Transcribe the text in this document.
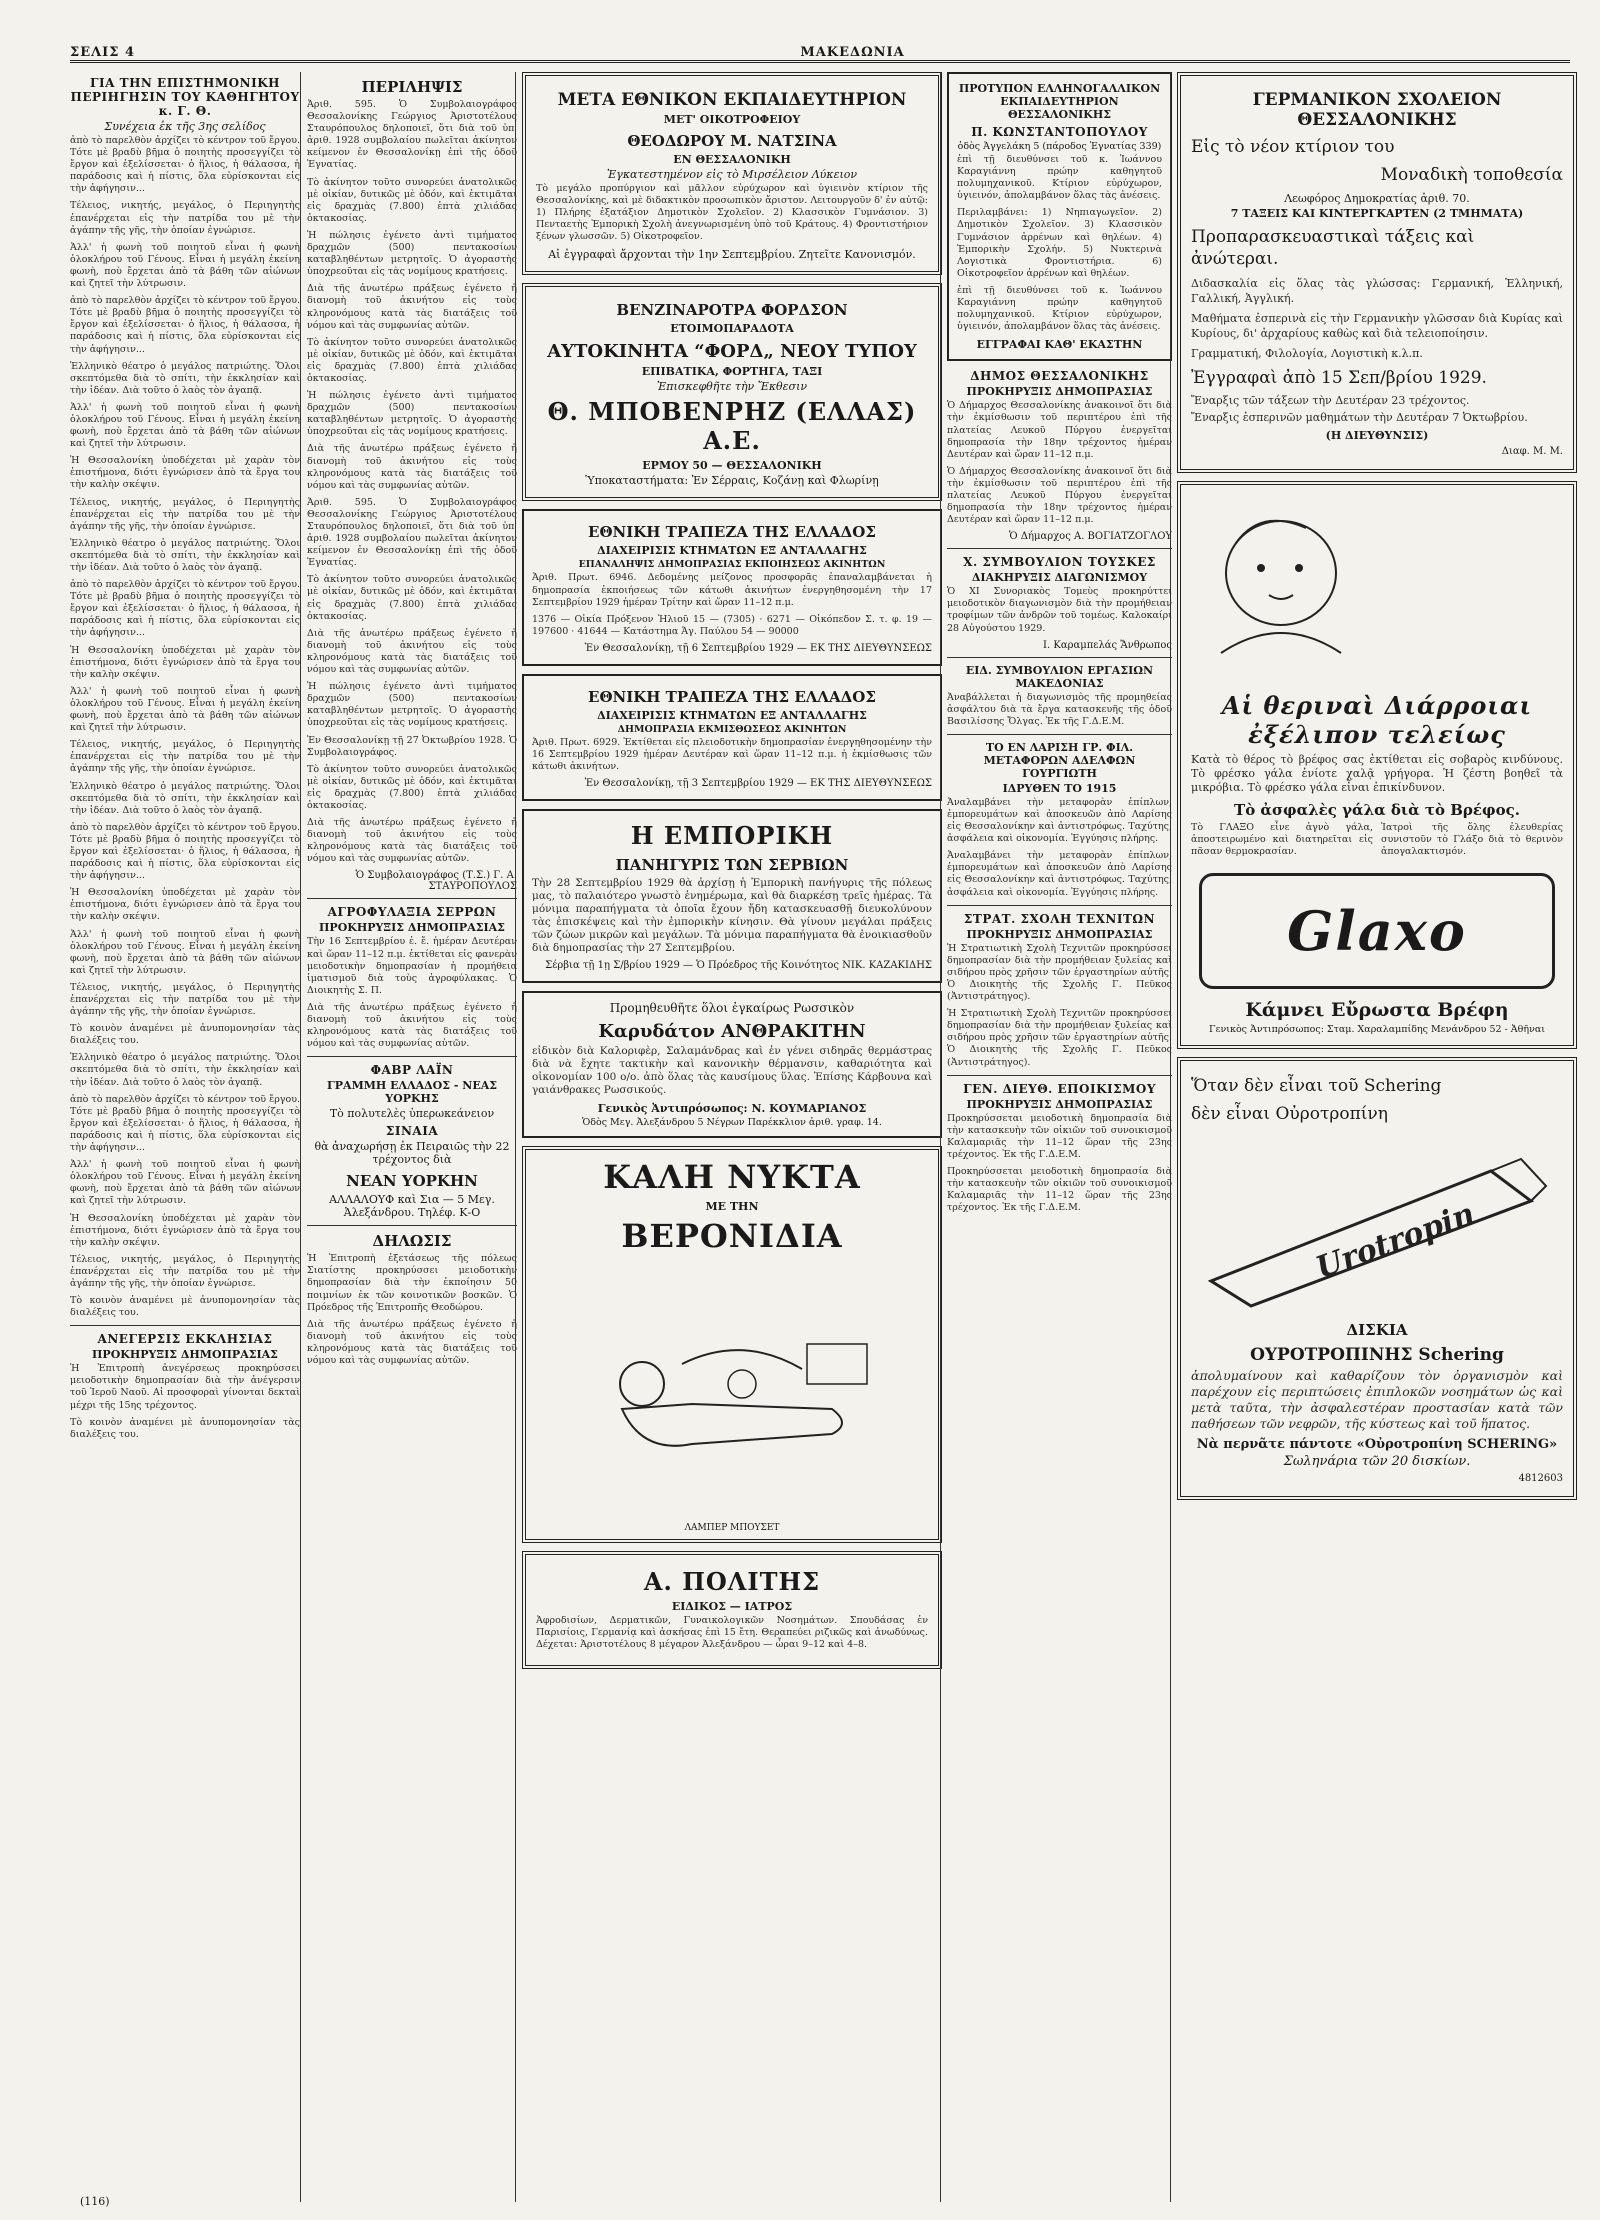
ΣΕΛΙΣ 4	ΜΑΚΕΔΩΝΙΑ
ΓΙΑ ΤΗΝ ΕΠΙΣΤΗΜΟΝΙΚΗ ΠΕΡΙΗΓΗΣΙΝ ΤΟΥ ΚΑΘΗΓΗΤΟΥ κ. Γ. Θ.
Συνέχεια ἐκ τῆς 3ης σελίδος

ἀπὸ τὸ παρελθὸν ἀρχίζει τὸ κέντρον τοῦ ἔργου. Τότε μὲ βραδὺ βῆμα ὁ ποιητὴς προσεγγίζει τὸ ἔργον καὶ ἐξελίσσεται· ὁ ἥλιος, ἡ θάλασσα, ἡ παράδοσις καὶ ἡ πίστις, ὅλα εὑρίσκονται εἰς τὴν ἀφήγησιν...

Τέλειος, νικητής, μεγάλος, ὁ Περιηγητὴς ἐπανέρχεται εἰς τὴν πατρίδα του μὲ τὴν ἀγάπην τῆς γῆς, τὴν ὁποίαν ἐγνώρισε.

Ἀλλ' ἡ φωνὴ τοῦ ποιητοῦ εἶναι ἡ φωνὴ ὁλοκλήρου τοῦ Γένους. Εἶναι ἡ μεγάλη ἐκείνη φωνὴ, ποὺ ἔρχεται ἀπὸ τὰ βάθη τῶν αἰώνων καὶ ζητεῖ τὴν λύτρωσιν.

ἀπὸ τὸ παρελθὸν ἀρχίζει τὸ κέντρον τοῦ ἔργου. Τότε μὲ βραδὺ βῆμα ὁ ποιητὴς προσεγγίζει τὸ ἔργον καὶ ἐξελίσσεται· ὁ ἥλιος, ἡ θάλασσα, ἡ παράδοσις καὶ ἡ πίστις, ὅλα εὑρίσκονται εἰς τὴν ἀφήγησιν...

Ἐλληνικὸ θέατρο ὁ μεγάλος πατριώτης. Ὅλοι σκεπτόμεθα διὰ τὸ σπίτι, τὴν ἐκκλησίαν καὶ τὴν ἰδέαν. Διὰ τοῦτο ὁ λαὸς τὸν ἀγαπᾷ.

Ἀλλ' ἡ φωνὴ τοῦ ποιητοῦ εἶναι ἡ φωνὴ ὁλοκλήρου τοῦ Γένους. Εἶναι ἡ μεγάλη ἐκείνη φωνὴ, ποὺ ἔρχεται ἀπὸ τὰ βάθη τῶν αἰώνων καὶ ζητεῖ τὴν λύτρωσιν.

Ἡ Θεσσαλονίκη ὑποδέχεται μὲ χαρὰν τὸν ἐπιστήμονα, διότι ἐγνώρισεν ἀπὸ τὰ ἔργα του τὴν καλὴν σκέψιν.

Τέλειος, νικητής, μεγάλος, ὁ Περιηγητὴς ἐπανέρχεται εἰς τὴν πατρίδα του μὲ τὴν ἀγάπην τῆς γῆς, τὴν ὁποίαν ἐγνώρισε.

Ἐλληνικὸ θέατρο ὁ μεγάλος πατριώτης. Ὅλοι σκεπτόμεθα διὰ τὸ σπίτι, τὴν ἐκκλησίαν καὶ τὴν ἰδέαν. Διὰ τοῦτο ὁ λαὸς τὸν ἀγαπᾷ.

ἀπὸ τὸ παρελθὸν ἀρχίζει τὸ κέντρον τοῦ ἔργου. Τότε μὲ βραδὺ βῆμα ὁ ποιητὴς προσεγγίζει τὸ ἔργον καὶ ἐξελίσσεται· ὁ ἥλιος, ἡ θάλασσα, ἡ παράδοσις καὶ ἡ πίστις, ὅλα εὑρίσκονται εἰς τὴν ἀφήγησιν...

Ἡ Θεσσαλονίκη ὑποδέχεται μὲ χαρὰν τὸν ἐπιστήμονα, διότι ἐγνώρισεν ἀπὸ τὰ ἔργα του τὴν καλὴν σκέψιν.

Ἀλλ' ἡ φωνὴ τοῦ ποιητοῦ εἶναι ἡ φωνὴ ὁλοκλήρου τοῦ Γένους. Εἶναι ἡ μεγάλη ἐκείνη φωνὴ, ποὺ ἔρχεται ἀπὸ τὰ βάθη τῶν αἰώνων καὶ ζητεῖ τὴν λύτρωσιν.

Τέλειος, νικητής, μεγάλος, ὁ Περιηγητὴς ἐπανέρχεται εἰς τὴν πατρίδα του μὲ τὴν ἀγάπην τῆς γῆς, τὴν ὁποίαν ἐγνώρισε.

Ἐλληνικὸ θέατρο ὁ μεγάλος πατριώτης. Ὅλοι σκεπτόμεθα διὰ τὸ σπίτι, τὴν ἐκκλησίαν καὶ τὴν ἰδέαν. Διὰ τοῦτο ὁ λαὸς τὸν ἀγαπᾷ.

ἀπὸ τὸ παρελθὸν ἀρχίζει τὸ κέντρον τοῦ ἔργου. Τότε μὲ βραδὺ βῆμα ὁ ποιητὴς προσεγγίζει τὸ ἔργον καὶ ἐξελίσσεται· ὁ ἥλιος, ἡ θάλασσα, ἡ παράδοσις καὶ ἡ πίστις, ὅλα εὑρίσκονται εἰς τὴν ἀφήγησιν...

Ἡ Θεσσαλονίκη ὑποδέχεται μὲ χαρὰν τὸν ἐπιστήμονα, διότι ἐγνώρισεν ἀπὸ τὰ ἔργα του τὴν καλὴν σκέψιν.

Ἀλλ' ἡ φωνὴ τοῦ ποιητοῦ εἶναι ἡ φωνὴ ὁλοκλήρου τοῦ Γένους. Εἶναι ἡ μεγάλη ἐκείνη φωνὴ, ποὺ ἔρχεται ἀπὸ τὰ βάθη τῶν αἰώνων καὶ ζητεῖ τὴν λύτρωσιν.

Τέλειος, νικητής, μεγάλος, ὁ Περιηγητὴς ἐπανέρχεται εἰς τὴν πατρίδα του μὲ τὴν ἀγάπην τῆς γῆς, τὴν ὁποίαν ἐγνώρισε.

Τὸ κοινὸν ἀναμένει μὲ ἀνυπομονησίαν τὰς διαλέξεις του.

Ἐλληνικὸ θέατρο ὁ μεγάλος πατριώτης. Ὅλοι σκεπτόμεθα διὰ τὸ σπίτι, τὴν ἐκκλησίαν καὶ τὴν ἰδέαν. Διὰ τοῦτο ὁ λαὸς τὸν ἀγαπᾷ.

ἀπὸ τὸ παρελθὸν ἀρχίζει τὸ κέντρον τοῦ ἔργου. Τότε μὲ βραδὺ βῆμα ὁ ποιητὴς προσεγγίζει τὸ ἔργον καὶ ἐξελίσσεται· ὁ ἥλιος, ἡ θάλασσα, ἡ παράδοσις καὶ ἡ πίστις, ὅλα εὑρίσκονται εἰς τὴν ἀφήγησιν...

Ἀλλ' ἡ φωνὴ τοῦ ποιητοῦ εἶναι ἡ φωνὴ ὁλοκλήρου τοῦ Γένους. Εἶναι ἡ μεγάλη ἐκείνη φωνὴ, ποὺ ἔρχεται ἀπὸ τὰ βάθη τῶν αἰώνων καὶ ζητεῖ τὴν λύτρωσιν.

Ἡ Θεσσαλονίκη ὑποδέχεται μὲ χαρὰν τὸν ἐπιστήμονα, διότι ἐγνώρισεν ἀπὸ τὰ ἔργα του τὴν καλὴν σκέψιν.

Τέλειος, νικητής, μεγάλος, ὁ Περιηγητὴς ἐπανέρχεται εἰς τὴν πατρίδα του μὲ τὴν ἀγάπην τῆς γῆς, τὴν ὁποίαν ἐγνώρισε.

Τὸ κοινὸν ἀναμένει μὲ ἀνυπομονησίαν τὰς διαλέξεις του.

ΑΝΕΓΕΡΣΙΣ ΕΚΚΛΗΣΙΑΣ
ΠΡΟΚΗΡΥΞΙΣ ΔΗΜΟΠΡΑΣΙΑΣ

Ἡ Ἐπιτροπὴ ἀνεγέρσεως προκηρύσσει μειοδοτικὴν δημοπρασίαν διὰ τὴν ἀνέγερσιν τοῦ Ἱεροῦ Ναοῦ. Αἱ προσφοραὶ γίνονται δεκταὶ μέχρι τῆς 15ης τρέχοντος.

Τὸ κοινὸν ἀναμένει μὲ ἀνυπομονησίαν τὰς διαλέξεις του.

ΠΕΡΙΛΗΨΙΣ

Ἀριθ. 595. Ὁ Συμβολαιογράφος Θεσσαλονίκης Γεώργιος Ἀριστοτέλους Σταυρόπουλος δηλοποιεῖ, ὅτι διὰ τοῦ ὑπ' ἀριθ. 1928 συμβολαίου πωλεῖται ἀκίνητον κείμενον ἐν Θεσσαλονίκῃ ἐπὶ τῆς ὁδοῦ Ἐγνατίας.

Τὸ ἀκίνητον τοῦτο συνορεύει ἀνατολικῶς μὲ οἰκίαν, δυτικῶς μὲ ὁδόν, καὶ ἐκτιμᾶται εἰς δραχμὰς (7.800) ἑπτὰ χιλιάδας ὀκτακοσίας.

Ἡ πώλησις ἐγένετο ἀντὶ τιμήματος δραχμῶν (500) πεντακοσίων καταβληθέντων μετρητοῖς. Ὁ ἀγοραστὴς ὑποχρεοῦται εἰς τὰς νομίμους κρατήσεις.

Διὰ τῆς ἀνωτέρω πράξεως ἐγένετο ἡ διανομὴ τοῦ ἀκινήτου εἰς τοὺς κληρονόμους κατὰ τὰς διατάξεις τοῦ νόμου καὶ τὰς συμφωνίας αὐτῶν.

Τὸ ἀκίνητον τοῦτο συνορεύει ἀνατολικῶς μὲ οἰκίαν, δυτικῶς μὲ ὁδόν, καὶ ἐκτιμᾶται εἰς δραχμὰς (7.800) ἑπτὰ χιλιάδας ὀκτακοσίας.

Ἡ πώλησις ἐγένετο ἀντὶ τιμήματος δραχμῶν (500) πεντακοσίων καταβληθέντων μετρητοῖς. Ὁ ἀγοραστὴς ὑποχρεοῦται εἰς τὰς νομίμους κρατήσεις.

Διὰ τῆς ἀνωτέρω πράξεως ἐγένετο ἡ διανομὴ τοῦ ἀκινήτου εἰς τοὺς κληρονόμους κατὰ τὰς διατάξεις τοῦ νόμου καὶ τὰς συμφωνίας αὐτῶν.

Ἀριθ. 595. Ὁ Συμβολαιογράφος Θεσσαλονίκης Γεώργιος Ἀριστοτέλους Σταυρόπουλος δηλοποιεῖ, ὅτι διὰ τοῦ ὑπ' ἀριθ. 1928 συμβολαίου πωλεῖται ἀκίνητον κείμενον ἐν Θεσσαλονίκῃ ἐπὶ τῆς ὁδοῦ Ἐγνατίας.

Τὸ ἀκίνητον τοῦτο συνορεύει ἀνατολικῶς μὲ οἰκίαν, δυτικῶς μὲ ὁδόν, καὶ ἐκτιμᾶται εἰς δραχμὰς (7.800) ἑπτὰ χιλιάδας ὀκτακοσίας.

Διὰ τῆς ἀνωτέρω πράξεως ἐγένετο ἡ διανομὴ τοῦ ἀκινήτου εἰς τοὺς κληρονόμους κατὰ τὰς διατάξεις τοῦ νόμου καὶ τὰς συμφωνίας αὐτῶν.

Ἡ πώλησις ἐγένετο ἀντὶ τιμήματος δραχμῶν (500) πεντακοσίων καταβληθέντων μετρητοῖς. Ὁ ἀγοραστὴς ὑποχρεοῦται εἰς τὰς νομίμους κρατήσεις.

Ἐν Θεσσαλονίκῃ τῇ 27 Ὀκτωβρίου 1928. Ὁ Συμβολαιογράφος.

Τὸ ἀκίνητον τοῦτο συνορεύει ἀνατολικῶς μὲ οἰκίαν, δυτικῶς μὲ ὁδόν, καὶ ἐκτιμᾶται εἰς δραχμὰς (7.800) ἑπτὰ χιλιάδας ὀκτακοσίας.

Διὰ τῆς ἀνωτέρω πράξεως ἐγένετο ἡ διανομὴ τοῦ ἀκινήτου εἰς τοὺς κληρονόμους κατὰ τὰς διατάξεις τοῦ νόμου καὶ τὰς συμφωνίας αὐτῶν.

Ὁ Συμβολαιογράφος (Τ.Σ.) Γ. Α. ΣΤΑΥΡΟΠΟΥΛΟΣ
ΑΓΡΟΦΥΛΑΞΙΑ ΣΕΡΡΩΝ
ΠΡΟΚΗΡΥΞΙΣ ΔΗΜΟΠΡΑΣΙΑΣ

Τὴν 16 Σεπτεμβρίου ἐ. ἔ. ἡμέραν Δευτέραν καὶ ὥραν 11–12 π.μ. ἐκτίθεται εἰς φανερὰν μειοδοτικὴν δημοπρασίαν ἡ προμήθεια ἱματισμοῦ διὰ τοὺς ἀγροφύλακας. Ὁ Διοικητὴς Σ. Π.

Διὰ τῆς ἀνωτέρω πράξεως ἐγένετο ἡ διανομὴ τοῦ ἀκινήτου εἰς τοὺς κληρονόμους κατὰ τὰς διατάξεις τοῦ νόμου καὶ τὰς συμφωνίας αὐτῶν.

ΦΑΒΡ ΛΑΪΝ
ΓΡΑΜΜΗ ΕΛΛΑΔΟΣ - ΝΕΑΣ ΥΟΡΚΗΣ
Τὸ πολυτελὲς ὑπερωκεάνειον
ΣΙΝΑΙΑ
θὰ ἀναχωρήσῃ ἐκ Πειραιῶς τὴν 22 τρέχοντος διὰ
ΝΕΑΝ ΥΟΡΚΗΝ
ΑΛΛΑΛΟΥΦ καὶ Σια — 5 Μεγ. Ἀλεξάνδρου. Τηλέφ. Κ-Ο
ΔΗΛΩΣΙΣ

Ἡ Ἐπιτροπὴ ἐξετάσεως τῆς πόλεως Σιατίστης προκηρύσσει μειοδοτικὴν δημοπρασίαν διὰ τὴν ἐκποίησιν 50 ποιμνίων ἐκ τῶν κοινοτικῶν βοσκῶν. Ὁ Πρόεδρος τῆς Ἐπιτροπῆς Θεοδώρου.

Διὰ τῆς ἀνωτέρω πράξεως ἐγένετο ἡ διανομὴ τοῦ ἀκινήτου εἰς τοὺς κληρονόμους κατὰ τὰς διατάξεις τοῦ νόμου καὶ τὰς συμφωνίας αὐτῶν.

ΜΕΤΑ ΕΘΝΙΚΟΝ ΕΚΠΑΙΔΕΥΤΗΡΙΟΝ
ΜΕΤ' ΟΙΚΟΤΡΟΦΕΙΟΥ
ΘΕΟΔΩΡΟΥ Μ. ΝΑΤΣΙΝΑ
ΕΝ ΘΕΣΣΑΛΟΝΙΚΗ
Ἐγκατεστημένον εἰς τὸ Μιρσέλειον Λύκειον

Τὸ μεγάλο προπύργιον καὶ μᾶλλον εὐρύχωρον καὶ ὑγιεινὸν κτίριον τῆς Θεσσαλονίκης, καὶ μὲ διδακτικὸν προσωπικὸν ἄριστον. Λειτουργοῦν δ' ἐν αὐτῷ: 1) Πλήρης ἑξατάξιον Δημοτικὸν Σχολεῖον. 2) Κλασσικὸν Γυμνάσιον. 3) Πενταετὴς Ἐμπορικὴ Σχολὴ ἀνεγνωρισμένη ὑπὸ τοῦ Κράτους. 4) Φροντιστήριον ξένων γλωσσῶν. 5) Οἰκοτροφεῖον.

Αἱ ἐγγραφαὶ ἄρχονται τὴν 1ην Σεπτεμβρίου. Ζητεῖτε Κανονισμόν.
ΒΕΝΖΙΝΑΡΟΤΡΑ ΦΟΡΔΣΟΝ
ΕΤΟΙΜΟΠΑΡΑΔΟΤΑ
ΑΥΤΟΚΙΝΗΤΑ “ΦΟΡΔ„ ΝΕΟΥ ΤΥΠΟΥ
ΕΠΙΒΑΤΙΚΑ, ΦΟΡΤΗΓΑ, ΤΑΞΙ
Ἐπισκεφθῆτε τὴν Ἔκθεσιν
Θ. ΜΠΟΒΕΝΡΗΖ (ΕΛΛΑΣ) Α.Ε.
ΕΡΜΟΥ 50 — ΘΕΣΣΑΛΟΝΙΚΗ
Ὑποκαταστήματα: Ἐν Σέρραις, Κοζάνῃ καὶ Φλωρίνῃ
ΕΘΝΙΚΗ ΤΡΑΠΕΖΑ ΤΗΣ ΕΛΛΑΔΟΣ
ΔΙΑΧΕΙΡΙΣΙΣ ΚΤΗΜΑΤΩΝ ΕΞ ΑΝΤΑΛΛΑΓΗΣ
ΕΠΑΝΑΛΗΨΙΣ ΔΗΜΟΠΡΑΣΙΑΣ ΕΚΠΟΙΗΣΕΩΣ ΑΚΙΝΗΤΩΝ

Ἀριθ. Πρωτ. 6946. Δεδομένης μείζονος προσφορᾶς ἐπαναλαμβάνεται ἡ δημοπρασία ἐκποιήσεως τῶν κάτωθι ἀκινήτων ἐνεργηθησομένη τὴν 17 Σεπτεμβρίου 1929 ἡμέραν Τρίτην καὶ ὥραν 11–12 π.μ.

1376 — Οἰκία Πρόξενον Ἠλιοῦ 15 — (7305) · 6271 — Οἰκόπεδον Σ. τ. φ. 19 — 197600 · 41644 — Κατάστημα Ἁγ. Παύλου 54 — 90000

Ἐν Θεσσαλονίκῃ, τῇ 6 Σεπτεμβρίου 1929 — ΕΚ ΤΗΣ ΔΙΕΥΘΥΝΣΕΩΣ
ΕΘΝΙΚΗ ΤΡΑΠΕΖΑ ΤΗΣ ΕΛΛΑΔΟΣ
ΔΙΑΧΕΙΡΙΣΙΣ ΚΤΗΜΑΤΩΝ ΕΞ ΑΝΤΑΛΛΑΓΗΣ
ΔΗΜΟΠΡΑΣΙΑ ΕΚΜΙΣΘΩΣΕΩΣ ΑΚΙΝΗΤΩΝ

Ἀριθ. Πρωτ. 6929. Ἐκτίθεται εἰς πλειοδοτικὴν δημοπρασίαν ἐνεργηθησομένην τὴν 16 Σεπτεμβρίου 1929 ἡμέραν Δευτέραν καὶ ὥραν 11–12 π.μ. ἡ ἐκμίσθωσις τῶν κάτωθι ἀκινήτων.

Ἐν Θεσσαλονίκῃ, τῇ 3 Σεπτεμβρίου 1929 — ΕΚ ΤΗΣ ΔΙΕΥΘΥΝΣΕΩΣ
Η ΕΜΠΟΡΙΚΗ
ΠΑΝΗΓΥΡΙΣ ΤΩΝ ΣΕΡΒΙΩΝ

Τὴν 28 Σεπτεμβρίου 1929 θὰ ἀρχίσῃ ἡ Ἐμπορικὴ πανήγυρις τῆς πόλεως μας, τὸ παλαιότερο γνωστὸ ἐνημέρωμα, καὶ θὰ διαρκέσῃ τρεῖς ἡμέρας. Τὰ μόνιμα παραπήγματα τὰ ὁποῖα ἔχουν ἤδη κατασκευασθῇ διευκολύνουν τὰς ἐπισκέψεις καὶ τὴν ἐμπορικὴν κίνησιν. Θὰ γίνουν μεγάλαι πράξεις τῶν ζώων μικρῶν καὶ μεγάλων. Τὰ μόνιμα παραπήγματα θὰ ἐνοικιασθοῦν διὰ δημοπρασίας τὴν 27 Σεπτεμβρίου.

Σέρβια τῇ 1ῃ Σ/βρίου 1929 — Ὁ Πρόεδρος τῆς Κοινότητος ΝΙΚ. ΚΑΖΑΚΙΔΗΣ
Προμηθευθῆτε ὅλοι ἐγκαίρως Ρωσσικὸν
Καρυδάτον ΑΝΘΡΑΚΙΤΗΝ

εἰδικὸν διὰ Καλοριφὲρ, Σαλαμάνδρας καὶ ἐν γένει σιδηρᾶς θερμάστρας διὰ νὰ ἔχητε τακτικὴν καὶ κανονικὴν θέρμανσιν, καθαριότητα καὶ οἰκονομίαν 100 ο/ο. ἀπὸ ὅλας τὰς καυσίμους ὕλας. Ἐπίσης Κάρβουνα καὶ γαιάνθρακες Ρωσσικούς.

Γενικὸς Ἀντιπρόσωπος: Ν. ΚΟΥΜΑΡΙΑΝΟΣ
Ὁδὸς Μεγ. Ἀλεξάνδρου 5 Νέγρων Παρέκκλιον ἀριθ. γραφ. 14.
ΚΑΛΗ ΝΥΚΤΑ
ΜΕ ΤΗΝ
ΒΕΡΟΝΙΔΙΑ
ΛΑΜΠΕΡ ΜΠΟΥΣΕΤ
Α. ΠΟΛΙΤΗΣ
ΕΙΔΙΚΟΣ — ΙΑΤΡΟΣ

Ἀφροδισίων, Δερματικῶν, Γυναικολογικῶν Νοσημάτων. Σπουδάσας ἐν Παρισίοις, Γερμανίᾳ καὶ ἀσκήσας ἐπὶ 15 ἔτη. Θεραπεύει ριζικῶς καὶ ἀνωδύνως. Δέχεται: Ἀριστοτέλους 8 μέγαρον Ἀλεξάνδρου — ὧραι 9–12 καὶ 4–8.

ΠΡΟΤΥΠΟΝ ΕΛΛΗΝΟΓΑΛΛΙΚΟΝ ΕΚΠΑΙΔΕΥΤΗΡΙΟΝ ΘΕΣΣΑΛΟΝΙΚΗΣ
Π. ΚΩΝΣΤΑΝΤΟΠΟΥΛΟΥ
ὁδὸς Ἀγγελάκη 5 (πάροδος Ἐγνατίας 339)

ἐπὶ τῇ διευθύνσει τοῦ κ. Ἰωάννου Καραγιάννη πρώην καθηγητοῦ πολυμηχανικοῦ. Κτίριον εὐρύχωρον, ὑγιεινόν, ἀπολαμβάνον ὅλας τὰς ἀνέσεις.

Περιλαμβάνει: 1) Νηπιαγωγεῖον. 2) Δημοτικὸν Σχολεῖον. 3) Κλασσικὸν Γυμνάσιον ἀρρένων καὶ θηλέων. 4) Ἐμπορικὴν Σχολήν. 5) Νυκτερινὰ Λογιστικὰ Φροντιστήρια. 6) Οἰκοτροφεῖον ἀρρένων καὶ θηλέων.

ἐπὶ τῇ διευθύνσει τοῦ κ. Ἰωάννου Καραγιάννη πρώην καθηγητοῦ πολυμηχανικοῦ. Κτίριον εὐρύχωρον, ὑγιεινόν, ἀπολαμβάνον ὅλας τὰς ἀνέσεις.

ΕΓΓΡΑΦΑΙ ΚΑΘ' ΕΚΑΣΤΗΝ
ΔΗΜΟΣ ΘΕΣΣΑΛΟΝΙΚΗΣ
ΠΡΟΚΗΡΥΞΙΣ ΔΗΜΟΠΡΑΣΙΑΣ

Ὁ Δήμαρχος Θεσσαλονίκης ἀνακοινοῖ ὅτι διὰ τὴν ἐκμίσθωσιν τοῦ περιπτέρου ἐπὶ τῆς πλατείας Λευκοῦ Πύργου ἐνεργεῖται δημοπρασία τὴν 18ην τρέχοντος ἡμέραν Δευτέραν καὶ ὥραν 11–12 π.μ.

Ὁ Δήμαρχος Θεσσαλονίκης ἀνακοινοῖ ὅτι διὰ τὴν ἐκμίσθωσιν τοῦ περιπτέρου ἐπὶ τῆς πλατείας Λευκοῦ Πύργου ἐνεργεῖται δημοπρασία τὴν 18ην τρέχοντος ἡμέραν Δευτέραν καὶ ὥραν 11–12 π.μ.

Ὁ Δήμαρχος Α. ΒΟΓΙΑΤΖΟΓΛΟΥ
Χ. ΣΥΜΒΟΥΛΙΟΝ ΤΟΥΣΚΕΣ
ΔΙΑΚΗΡΥΞΙΣ ΔΙΑΓΩΝΙΣΜΟΥ

Ὁ ΧΙ Συνοριακὸς Τομεὺς προκηρύττει μειοδοτικὸν διαγωνισμὸν διὰ τὴν προμήθειαν τροφίμων τῶν ἀνδρῶν τοῦ τομέως. Καλοκαίρι 28 Αὐγούστου 1929.

Ι. Καραμπελάς Ἄνθρωπος
ΕΙΔ. ΣΥΜΒΟΥΛΙΟΝ ΕΡΓΑΣΙΩΝ ΜΑΚΕΔΟΝΙΑΣ

Ἀναβάλλεται ἡ διαγωνισμὸς τῆς προμηθείας ἀσφάλτου διὰ τὰ ἔργα κατασκευῆς τῆς ὁδοῦ Βασιλίσσης Ὄλγας. Ἐκ τῆς Γ.Δ.Ε.Μ.

ΤΟ ΕΝ ΛΑΡΙΣΗ ΓΡ. ΦΙΛ. ΜΕΤΑΦΟΡΩΝ ΑΔΕΛΦΩΝ ΓΟΥΡΓΙΩΤΗ
ΙΔΡΥΘΕΝ ΤΟ 1915

Ἀναλαμβάνει τὴν μεταφορὰν ἐπίπλων, ἐμπορευμάτων καὶ ἀποσκευῶν ἀπὸ Λαρίσης εἰς Θεσσαλονίκην καὶ ἀντιστρόφως. Ταχύτης, ἀσφάλεια καὶ οἰκονομία. Ἐγγύησις πλήρης.

Ἀναλαμβάνει τὴν μεταφορὰν ἐπίπλων, ἐμπορευμάτων καὶ ἀποσκευῶν ἀπὸ Λαρίσης εἰς Θεσσαλονίκην καὶ ἀντιστρόφως. Ταχύτης, ἀσφάλεια καὶ οἰκονομία. Ἐγγύησις πλήρης.

ΣΤΡΑΤ. ΣΧΟΛΗ ΤΕΧΝΙΤΩΝ
ΠΡΟΚΗΡΥΞΙΣ ΔΗΜΟΠΡΑΣΙΑΣ

Ἡ Στρατιωτικὴ Σχολὴ Τεχνιτῶν προκηρύσσει δημοπρασίαν διὰ τὴν προμήθειαν ξυλείας καὶ σιδήρου πρὸς χρῆσιν τῶν ἐργαστηρίων αὐτῆς. Ὁ Διοικητὴς τῆς Σχολῆς Γ. Πεῦκος (Ἀντιστράτηγος).

Ἡ Στρατιωτικὴ Σχολὴ Τεχνιτῶν προκηρύσσει δημοπρασίαν διὰ τὴν προμήθειαν ξυλείας καὶ σιδήρου πρὸς χρῆσιν τῶν ἐργαστηρίων αὐτῆς. Ὁ Διοικητὴς τῆς Σχολῆς Γ. Πεῦκος (Ἀντιστράτηγος).

ΓΕΝ. ΔΙΕΥΘ. ΕΠΟΙΚΙΣΜΟΥ
ΠΡΟΚΗΡΥΞΙΣ ΔΗΜΟΠΡΑΣΙΑΣ

Προκηρύσσεται μειοδοτικὴ δημοπρασία διὰ τὴν κατασκευὴν τῶν οἰκιῶν τοῦ συνοικισμοῦ Καλαμαριᾶς τὴν 11–12 ὥραν τῆς 23ης τρέχοντος. Ἐκ τῆς Γ.Δ.Ε.Μ.

Προκηρύσσεται μειοδοτικὴ δημοπρασία διὰ τὴν κατασκευὴν τῶν οἰκιῶν τοῦ συνοικισμοῦ Καλαμαριᾶς τὴν 11–12 ὥραν τῆς 23ης τρέχοντος. Ἐκ τῆς Γ.Δ.Ε.Μ.

ΓΕΡΜΑΝΙΚΟΝ ΣΧΟΛΕΙΟΝ ΘΕΣΣΑΛΟΝΙΚΗΣ
Εἰς τὸ νέον κτίριον του
Μοναδικὴ τοποθεσία
Λεωφόρος Δημοκρατίας ἀριθ. 70.
7 ΤΑΞΕΙΣ ΚΑΙ ΚΙΝΤΕΡΓΚΑΡΤΕΝ (2 ΤΜΗΜΑΤΑ)
Προπαρασκευαστικαὶ τάξεις καὶ ἀνώτεραι.

Διδασκαλία εἰς ὅλας τὰς γλώσσας: Γερμανική, Ἑλληνική, Γαλλική, Ἀγγλική.

Μαθήματα ἐσπερινὰ εἰς τὴν Γερμανικὴν γλῶσσαν διὰ Κυρίας καὶ Κυρίους, δι' ἀρχαρίους καθὼς καὶ διὰ τελειοποίησιν.

Γραμματική, Φιλολογία, Λογιστικὴ κ.λ.π.

Ἐγγραφαὶ ἀπὸ 15 Σεπ/βρίου 1929.

Ἔναρξις τῶν τάξεων τὴν Δευτέραν 23 τρέχοντος.

Ἔναρξις ἐσπερινῶν μαθημάτων τὴν Δευτέραν 7 Ὀκτωβρίου.

(Η ΔΙΕΥΘΥΝΣΙΣ)
Διαφ. Μ. Μ.
Αἱ θεριναὶ Διάρροιαι ἐξέλιπον τελείως

Κατὰ τὸ θέρος τὸ βρέφος σας ἐκτίθεται εἰς σοβαρὸς κινδύνους. Τὸ φρέσκο γάλα ἐνίοτε χαλᾷ γρήγορα. Ἡ ζέστη βοηθεῖ τὰ μικρόβια. Τὸ φρέσκο γάλα εἶναι ἐπικίνδυνον.

Τὸ ἀσφαλὲς γάλα διὰ τὸ Βρέφος.

Τὸ ΓΛΑΞΟ εἶνε ἀγνὸ γάλα, ἀποστειρωμένο καὶ διατηρεῖται εἰς πᾶσαν θερμοκρασίαν.

Ἰατροὶ τῆς ὅλης ἐλευθερίας συνιστοῦν τὸ Γλάξο διὰ τὸ θερινὸν ἀπογαλακτισμόν.

Glaxo
Κάμνει Εὔρωστα Βρέφη
Γενικὸς Ἀντιπρόσωπος: Σταμ. Χαραλαμπίδης Μενάνδρου 52 - Ἀθῆναι
Ὅταν δὲν εἶναι τοῦ Schering
δὲν εἶναι Οὐροτροπίνη
Urotropin
ΔΙΣΚΙΑ
ΟΥΡΟΤΡΟΠΙΝΗΣ Schering

ἀπολυμαίνουν καὶ καθαρίζουν τὸν ὀργανισμὸν καὶ παρέχουν εἰς περιπτώσεις ἐπιπλοκῶν νοσημάτων ὡς καὶ μετὰ ταῦτα, τὴν ἀσφαλεστέραν προστασίαν κατὰ τῶν παθήσεων τῶν νεφρῶν, τῆς κύστεως καὶ τοῦ ἥπατος.

Νὰ περνᾶτε πάντοτε «Οὐροτροπίνη SCHERING»
Σωληνάρια τῶν 20 δισκίων.
4812603
(116)
